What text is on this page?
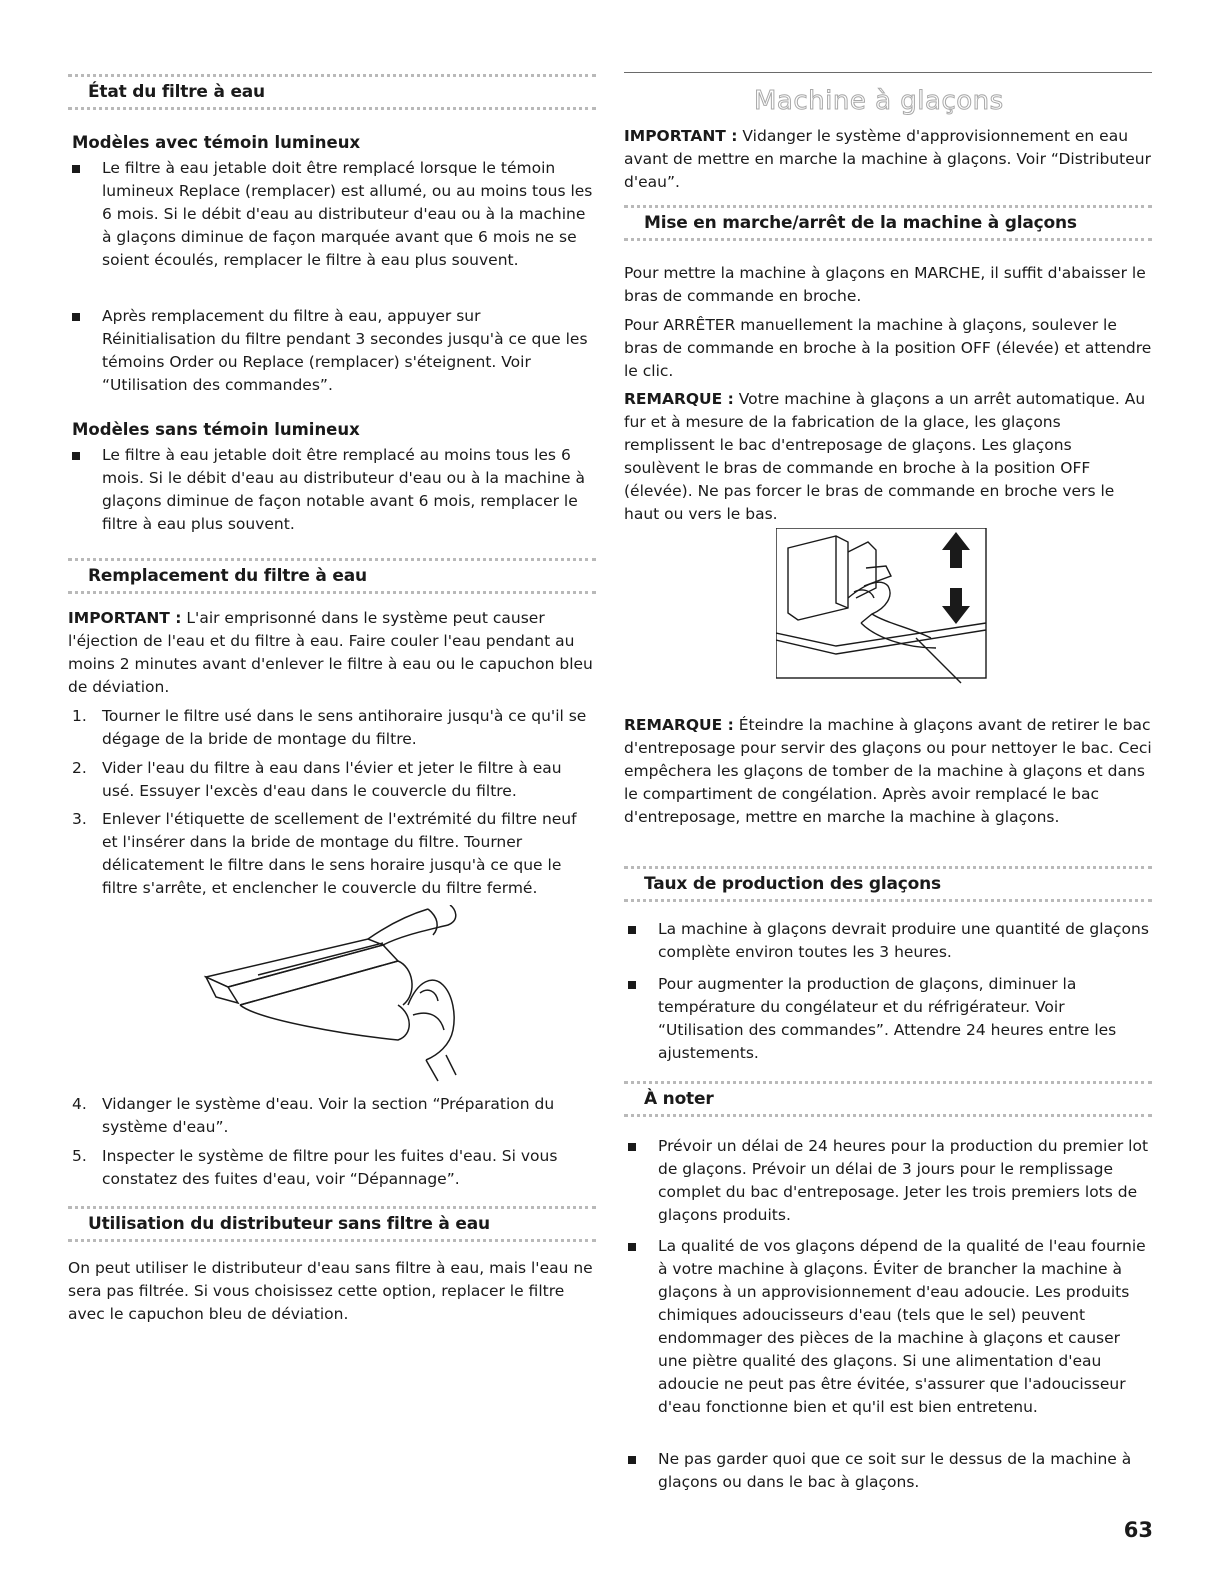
État du filtre à eau
Modèles avec témoin lumineux
Le filtre à eau jetable doit être remplacé lorsque le témoin lumineux Replace (remplacer) est allumé, ou au moins tous les 6 mois. Si le débit d'eau au distributeur d'eau ou à la machine à glaçons diminue de façon marquée avant que 6 mois ne se soient écoulés, remplacer le filtre à eau plus souvent.
Après remplacement du filtre à eau, appuyer sur Réinitialisation du filtre pendant 3 secondes jusqu'à ce que les témoins Order ou Replace (remplacer) s'éteignent. Voir “Utilisation des commandes”.
Modèles sans témoin lumineux
Le filtre à eau jetable doit être remplacé au moins tous les 6 mois. Si le débit d'eau au distributeur d'eau ou à la machine à glaçons diminue de façon notable avant 6 mois, remplacer le filtre à eau plus souvent.
Remplacement du filtre à eau

IMPORTANT : L'air emprisonné dans le système peut causer l'éjection de l'eau et du filtre à eau. Faire couler l'eau pendant au moins 2 minutes avant d'enlever le filtre à eau ou le capuchon bleu de déviation.

1. Tourner le filtre usé dans le sens antihoraire jusqu'à ce qu'il se dégage de la bride de montage du filtre.
2. Vider l'eau du filtre à eau dans l'évier et jeter le filtre à eau usé. Essuyer l'excès d'eau dans le couvercle du filtre.
3. Enlever l'étiquette de scellement de l'extrémité du filtre neuf et l'insérer dans la bride de montage du filtre. Tourner délicatement le filtre dans le sens horaire jusqu'à ce que le filtre s'arrête, et enclencher le couvercle du filtre fermé.
4. Vidanger le système d'eau. Voir la section “Préparation du système d'eau”.
5. Inspecter le système de filtre pour les fuites d'eau. Si vous constatez des fuites d'eau, voir “Dépannage”.
Utilisation du distributeur sans filtre à eau

On peut utiliser le distributeur d'eau sans filtre à eau, mais l'eau ne sera pas filtrée. Si vous choisissez cette option, replacer le filtre avec le capuchon bleu de déviation.

Machine à glaçons

IMPORTANT : Vidanger le système d'approvisionnement en eau avant de mettre en marche la machine à glaçons. Voir “Distributeur d'eau”.

Mise en marche/arrêt de la machine à glaçons

Pour mettre la machine à glaçons en MARCHE, il suffit d'abaisser le bras de commande en broche.

Pour ARRÊTER manuellement la machine à glaçons, soulever le bras de commande en broche à la position OFF (élevée) et attendre le clic.

REMARQUE : Votre machine à glaçons a un arrêt automatique. Au fur et à mesure de la fabrication de la glace, les glaçons remplissent le bac d'entreposage de glaçons. Les glaçons soulèvent le bras de commande en broche à la position OFF (élevée). Ne pas forcer le bras de commande en broche vers le haut ou vers le bas.

REMARQUE : Éteindre la machine à glaçons avant de retirer le bac d'entreposage pour servir des glaçons ou pour nettoyer le bac. Ceci empêchera les glaçons de tomber de la machine à glaçons et dans le compartiment de congélation. Après avoir remplacé le bac d'entreposage, mettre en marche la machine à glaçons.

Taux de production des glaçons
La machine à glaçons devrait produire une quantité de glaçons complète environ toutes les 3 heures.
Pour augmenter la production de glaçons, diminuer la température du congélateur et du réfrigérateur. Voir “Utilisation des commandes”. Attendre 24 heures entre les ajustements.
À noter
Prévoir un délai de 24 heures pour la production du premier lot de glaçons. Prévoir un délai de 3 jours pour le remplissage complet du bac d'entreposage. Jeter les trois premiers lots de glaçons produits.
La qualité de vos glaçons dépend de la qualité de l'eau fournie à votre machine à glaçons. Éviter de brancher la machine à glaçons à un approvisionnement d'eau adoucie. Les produits chimiques adoucisseurs d'eau (tels que le sel) peuvent endommager des pièces de la machine à glaçons et causer une piètre qualité des glaçons. Si une alimentation d'eau adoucie ne peut pas être évitée, s'assurer que l'adoucisseur d'eau fonctionne bien et qu'il est bien entretenu.
Ne pas garder quoi que ce soit sur le dessus de la machine à glaçons ou dans le bac à glaçons.
63
